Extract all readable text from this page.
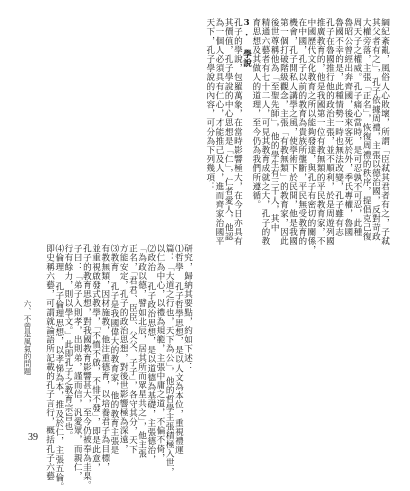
綱紀紊亂，風俗人心敗壞，所謂「臣弒其君者有之，子弒
其父者有之」，孔子依據周禮，主張以德治國，反對苛政
大權旁落，主張「正名」，恢復周禮的秩序，提倡克己復
周天子之權威。孔子痛心當時，是可忍孰不可忍，此種
魯昭公曾經出奔齊國，後來客死於外，季氏專權，魯國
魯國不幸的是，此種情勢一時也無法改變，孔子雖有志
孔子在魯國推行他的政治主張，並不順利，於是周遊列國
推廣教育的，他是我國第一位有教無類的平民教育家，不
中國歷代文化教育之所以能夠發達，與孔子有密切的關係，
在中國，孔子以前的教育為貴族所壟斷，平民無受教育的
機會，孔子開私人講學之風，使學術下於民間，他是我國
第一個打破階級觀念，主張「有教無類」的教育家，因此
後世尊稱他為「至聖先師」，他的學生有三千人，其中
精通六藝者有七十二人，可見其教育成就之大，孔子的教
育思想及其做人的道理，至今仍為我們所遵循。
3. 學說
孔子的學說，包羅萬象，在當時影響極大，在今日亦具有
其價值，孔子學說的中心思想是「仁」，仁者愛人，他認
為一個人必須具有仁心，才能推己及人，進而齊家治國平
天下，孔子學說的內容，可分為下列幾項：
研究，歸納其要點，約如下述：
⑴哲學 孔子哲學思想，是以人文為本位，重視禮運
篇：「大道之行也，天下為公」，他的哲學主張積極入世，
以仁為中心，以禮為規範，主張中庸之道，不偏不倚，
⑵政治 孔子政治思想，是以道德為基礎，主張德治，
「為政以德，譬如北辰，居其所而眾星共之」，他主張
正名，「君君、臣臣、父父、子子」，各守其分，天下
方能安定，孔子的政治思想，對後世影響極為深遠，
⑶教育 孔子是我國偉大的教育家，他的教育主張是
有教無類，因材施教，他注重德育，以培養君子為目標，
並重視啟發式教學，「不憤不啟，不悱不發」，即是此意，
孔子的教育思想，對我國教育影響甚大，至今仍被奉為圭臬。
子曰：「弟子入則孝，出則弟，謹而信，汎愛眾，而親仁，
行有餘力，則以學文。」此即孔子之教育宗旨也。
⑷倫理 孔子倫理思想，以孝悌為本，推及於仁，主張五倫。
即史稱六藝，可謂就論語所記載的孔子言行，概括孔子六藝
六、不曾是風氣的問題
39
